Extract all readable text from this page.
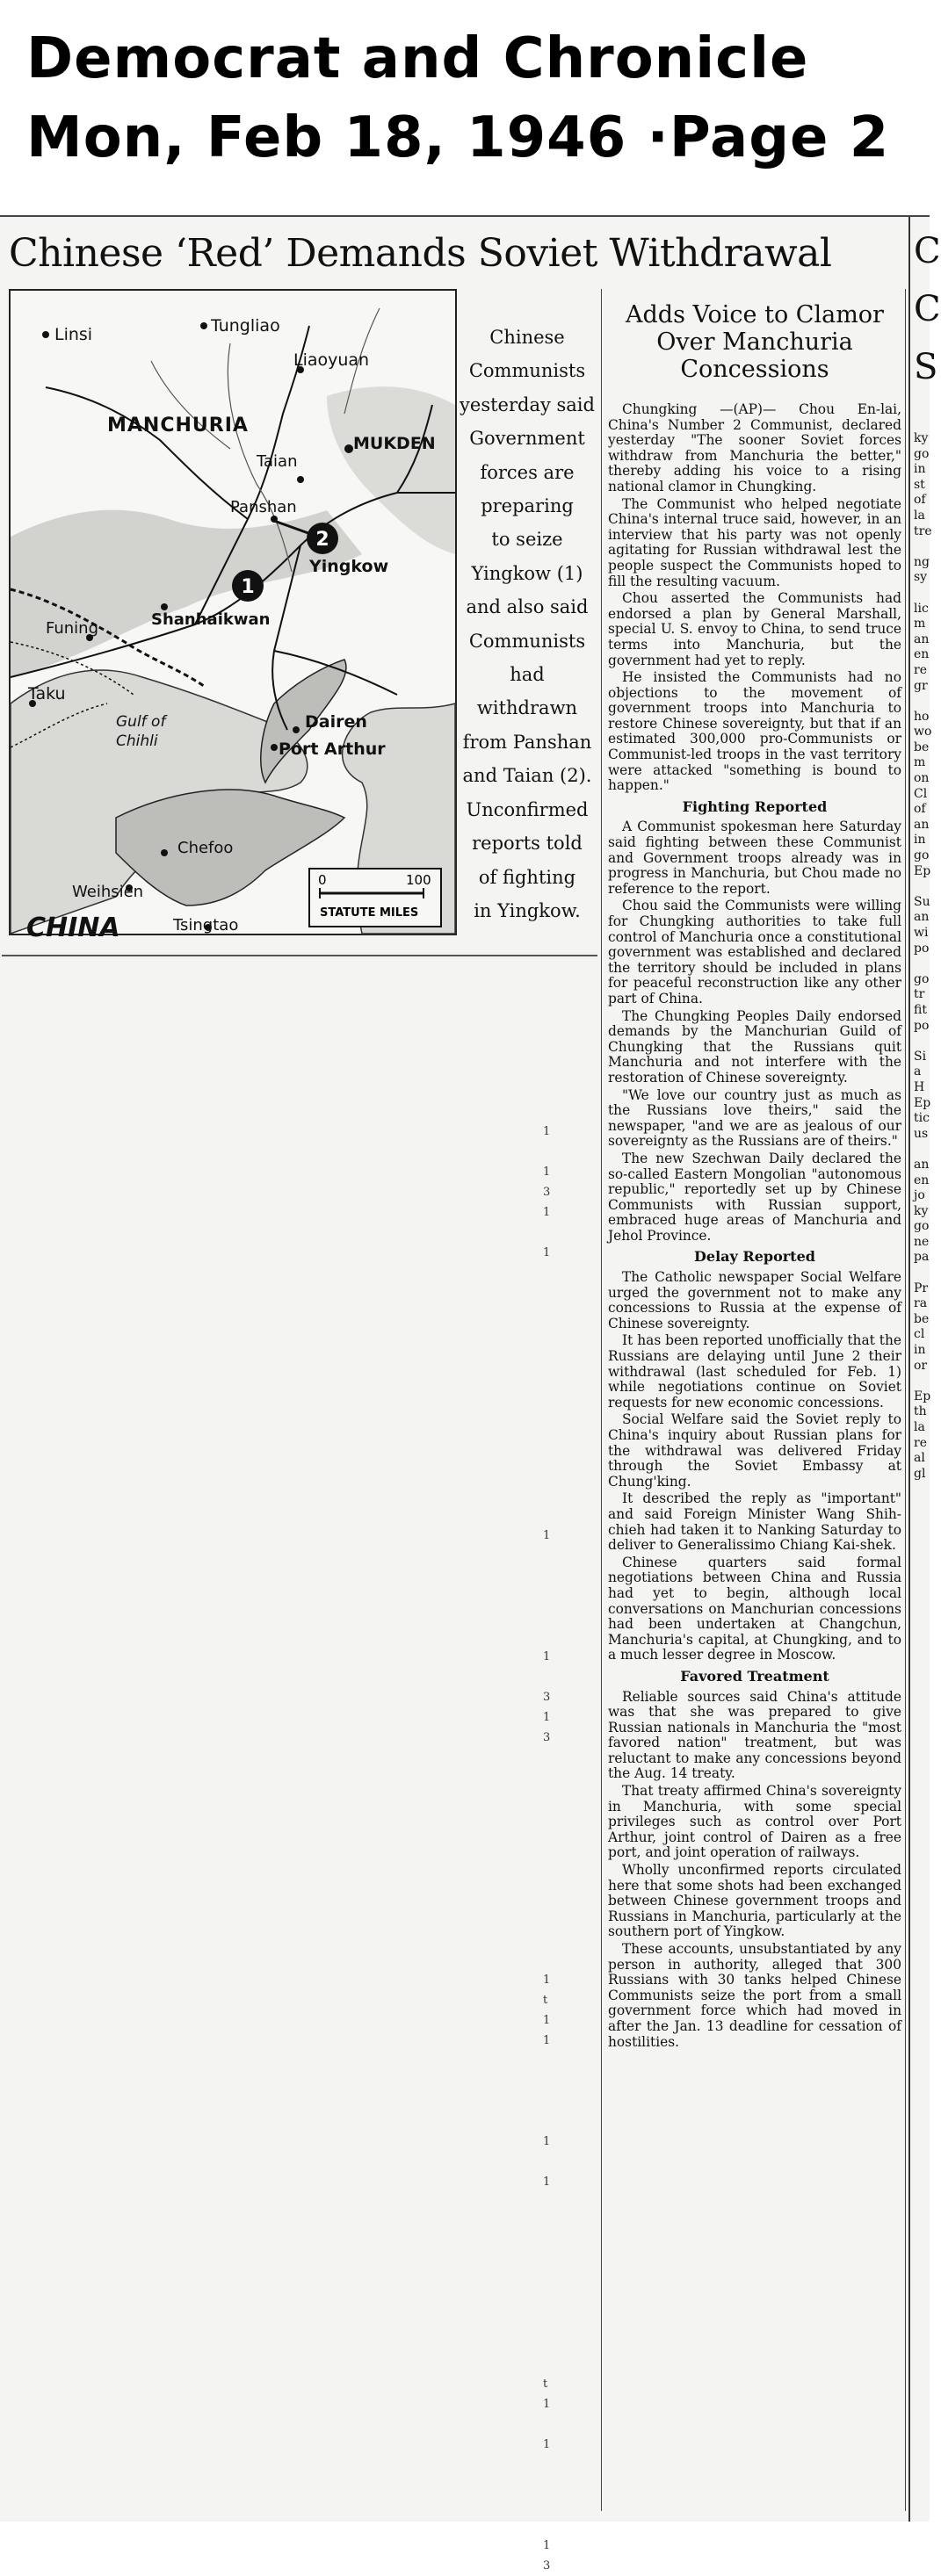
Democrat and Chronicle
Mon, Feb 18, 1946 ·Page 2
Chinese ‘Red’ Demands Soviet Withdrawal	C
C
S
ky
go
in
st
of
la
tre

ng
sy

lic
m
an
en
re
gr

ho
wo
be
m
on
Cl
of
an
in
go
Ep

Su
an
wi
po

go
tr
fit
po

Si
a
H
Ep
tic
us

an
en
jo
ky
go
ne
pa

Pr
ra
be
cl
in
or

Ep
th
la
re
al
gl
2
1
Linsi	Tungliao
Liaoyuan
MANCHURIA
Taian
MUKDEN
Panshan
Yingkow
Funing	Shanhaikwan
Taku
Dairen
Port Arthur
Gulf of
Chihli
Chefoo
Weihsien
CHINA	Tsingtao
0	100
STATUTE MILES
Chinese
Communists
yesterday said
Government
forces are
preparing
to seize
Yingkow (1)
and also said
Communists
had withdrawn
from Panshan
and Taian (2).
Unconfirmed
reports told
of fighting
in Yingkow.
1

1
3
1

1

1

1

3
1
3

1
t
1
1

1

1

t
1

1

1
3
Adds Voice to Clamor Over Manchuria Concessions
Chungking —(AP)— Chou En-lai, China's Number 2 Communist, declared yesterday "The sooner Soviet forces withdraw from Manchuria the better," thereby adding his voice to a rising national clamor in Chungking.
The Communist who helped negotiate China's internal truce said, however, in an interview that his party was not openly agitating for Russian withdrawal lest the people suspect the Communists hoped to fill the resulting vacuum.
Chou asserted the Communists had endorsed a plan by General Marshall, special U. S. envoy to China, to send truce terms into Manchuria, but the government had yet to reply.
He insisted the Communists had no objections to the movement of government troops into Manchuria to restore Chinese sovereignty, but that if an estimated 300,000 pro-Communists or Communist-led troops in the vast territory were attacked "something is bound to happen."
Fighting Reported
A Communist spokesman here Saturday said fighting between these Communist and Government troops already was in progress in Manchuria, but Chou made no reference to the report.
Chou said the Communists were willing for Chungking authorities to take full control of Manchuria once a constitutional government was established and declared the territory should be included in plans for peaceful reconstruction like any other part of China.
The Chungking Peoples Daily endorsed demands by the Manchurian Guild of Chungking that the Russians quit Manchuria and not interfere with the restoration of Chinese sovereignty.
"We love our country just as much as the Russians love theirs," said the newspaper, "and we are as jealous of our sovereignty as the Russians are of theirs."
The new Szechwan Daily declared the so-called Eastern Mongolian "autonomous republic," reportedly set up by Chinese Communists with Russian support, embraced huge areas of Manchuria and Jehol Province.
Delay Reported
The Catholic newspaper Social Welfare urged the government not to make any concessions to Russia at the expense of Chinese sovereignty.
It has been reported unofficially that the Russians are delaying until June 2 their withdrawal (last scheduled for Feb. 1) while negotiations continue on Soviet requests for new economic concessions.
Social Welfare said the Soviet reply to China's inquiry about Russian plans for the withdrawal was delivered Friday through the Soviet Embassy at Chung'king.
It described the reply as "important" and said Foreign Minister Wang Shih-chieh had taken it to Nanking Saturday to deliver to Generalissimo Chiang Kai-shek.
Chinese quarters said formal negotiations between China and Russia had yet to begin, although local conversations on Manchurian concessions had been undertaken at Changchun, Manchuria's capital, at Chungking, and to a much lesser degree in Moscow.
Favored Treatment
Reliable sources said China's attitude was that she was prepared to give Russian nationals in Manchuria the "most favored nation" treatment, but was reluctant to make any concessions beyond the Aug. 14 treaty.
That treaty affirmed China's sovereignty in Manchuria, with some special privileges such as control over Port Arthur, joint control of Dairen as a free port, and joint operation of railways.
Wholly unconfirmed reports circulated here that some shots had been exchanged between Chinese government troops and Russians in Manchuria, particularly at the southern port of Yingkow.
These accounts, unsubstantiated by any person in authority, alleged that 300 Russians with 30 tanks helped Chinese Communists seize the port from a small government force which had moved in after the Jan. 13 deadline for cessation of hostilities.
